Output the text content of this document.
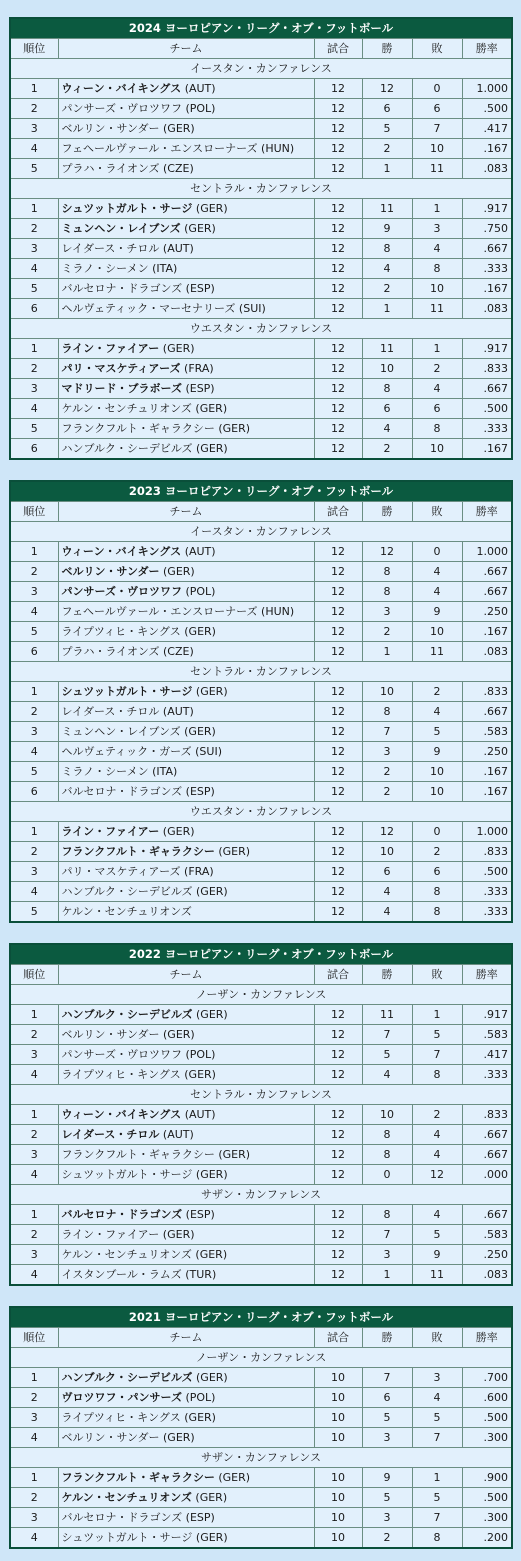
2024 ヨーロピアン・リーグ・オブ・フットボール					
順位	チーム	試合	勝	敗	勝率
イースタン・カンファレンス					
1	ウィーン・バイキングス (AUT)	12	12	0	1.000
2	パンサーズ・ヴロツワフ (POL)	12	6	6	.500
3	ベルリン・サンダー (GER)	12	5	7	.417
4	フェヘールヴァール・エンスローナーズ (HUN)	12	2	10	.167
5	プラハ・ライオンズ (CZE)	12	1	11	.083
セントラル・カンファレンス					
1	シュツットガルト・サージ (GER)	12	11	1	.917
2	ミュンヘン・レイブンズ (GER)	12	9	3	.750
3	レイダース・チロル (AUT)	12	8	4	.667
4	ミラノ・シーメン (ITA)	12	4	8	.333
5	バルセロナ・ドラゴンズ (ESP)	12	2	10	.167
6	ヘルヴェティック・マーセナリーズ (SUI)	12	1	11	.083
ウエスタン・カンファレンス					
1	ライン・ファイアー (GER)	12	11	1	.917
2	パリ・マスケティアーズ (FRA)	12	10	2	.833
3	マドリード・ブラボーズ (ESP)	12	8	4	.667
4	ケルン・センチュリオンズ (GER)	12	6	6	.500
5	フランクフルト・ギャラクシー (GER)	12	4	8	.333
6	ハンブルク・シーデビルズ (GER)	12	2	10	.167
2023 ヨーロピアン・リーグ・オブ・フットボール					
順位	チーム	試合	勝	敗	勝率
イースタン・カンファレンス					
1	ウィーン・バイキングス (AUT)	12	12	0	1.000
2	ベルリン・サンダー (GER)	12	8	4	.667
3	パンサーズ・ヴロツワフ (POL)	12	8	4	.667
4	フェヘールヴァール・エンスローナーズ (HUN)	12	3	9	.250
5	ライプツィヒ・キングス (GER)	12	2	10	.167
6	プラハ・ライオンズ (CZE)	12	1	11	.083
セントラル・カンファレンス					
1	シュツットガルト・サージ (GER)	12	10	2	.833
2	レイダース・チロル (AUT)	12	8	4	.667
3	ミュンヘン・レイブンズ (GER)	12	7	5	.583
4	ヘルヴェティック・ガーズ (SUI)	12	3	9	.250
5	ミラノ・シーメン (ITA)	12	2	10	.167
6	バルセロナ・ドラゴンズ (ESP)	12	2	10	.167
ウエスタン・カンファレンス					
1	ライン・ファイアー (GER)	12	12	0	1.000
2	フランクフルト・ギャラクシー (GER)	12	10	2	.833
3	パリ・マスケティアーズ (FRA)	12	6	6	.500
4	ハンブルク・シーデビルズ (GER)	12	4	8	.333
5	ケルン・センチュリオンズ	12	4	8	.333
2022 ヨーロピアン・リーグ・オブ・フットボール					
順位	チーム	試合	勝	敗	勝率
ノーザン・カンファレンス					
1	ハンブルク・シーデビルズ (GER)	12	11	1	.917
2	ベルリン・サンダー (GER)	12	7	5	.583
3	パンサーズ・ヴロツワフ (POL)	12	5	7	.417
4	ライプツィヒ・キングス (GER)	12	4	8	.333
セントラル・カンファレンス					
1	ウィーン・バイキングス (AUT)	12	10	2	.833
2	レイダース・チロル (AUT)	12	8	4	.667
3	フランクフルト・ギャラクシー (GER)	12	8	4	.667
4	シュツットガルト・サージ (GER)	12	0	12	.000
サザン・カンファレンス					
1	バルセロナ・ドラゴンズ (ESP)	12	8	4	.667
2	ライン・ファイアー (GER)	12	7	5	.583
3	ケルン・センチュリオンズ (GER)	12	3	9	.250
4	イスタンブール・ラムズ (TUR)	12	1	11	.083
2021 ヨーロピアン・リーグ・オブ・フットボール					
順位	チーム	試合	勝	敗	勝率
ノーザン・カンファレンス					
1	ハンブルク・シーデビルズ (GER)	10	7	3	.700
2	ヴロツワフ・パンサーズ (POL)	10	6	4	.600
3	ライプツィヒ・キングス (GER)	10	5	5	.500
4	ベルリン・サンダー (GER)	10	3	7	.300
サザン・カンファレンス					
1	フランクフルト・ギャラクシー (GER)	10	9	1	.900
2	ケルン・センチュリオンズ (GER)	10	5	5	.500
3	バルセロナ・ドラゴンズ (ESP)	10	3	7	.300
4	シュツットガルト・サージ (GER)	10	2	8	.200
